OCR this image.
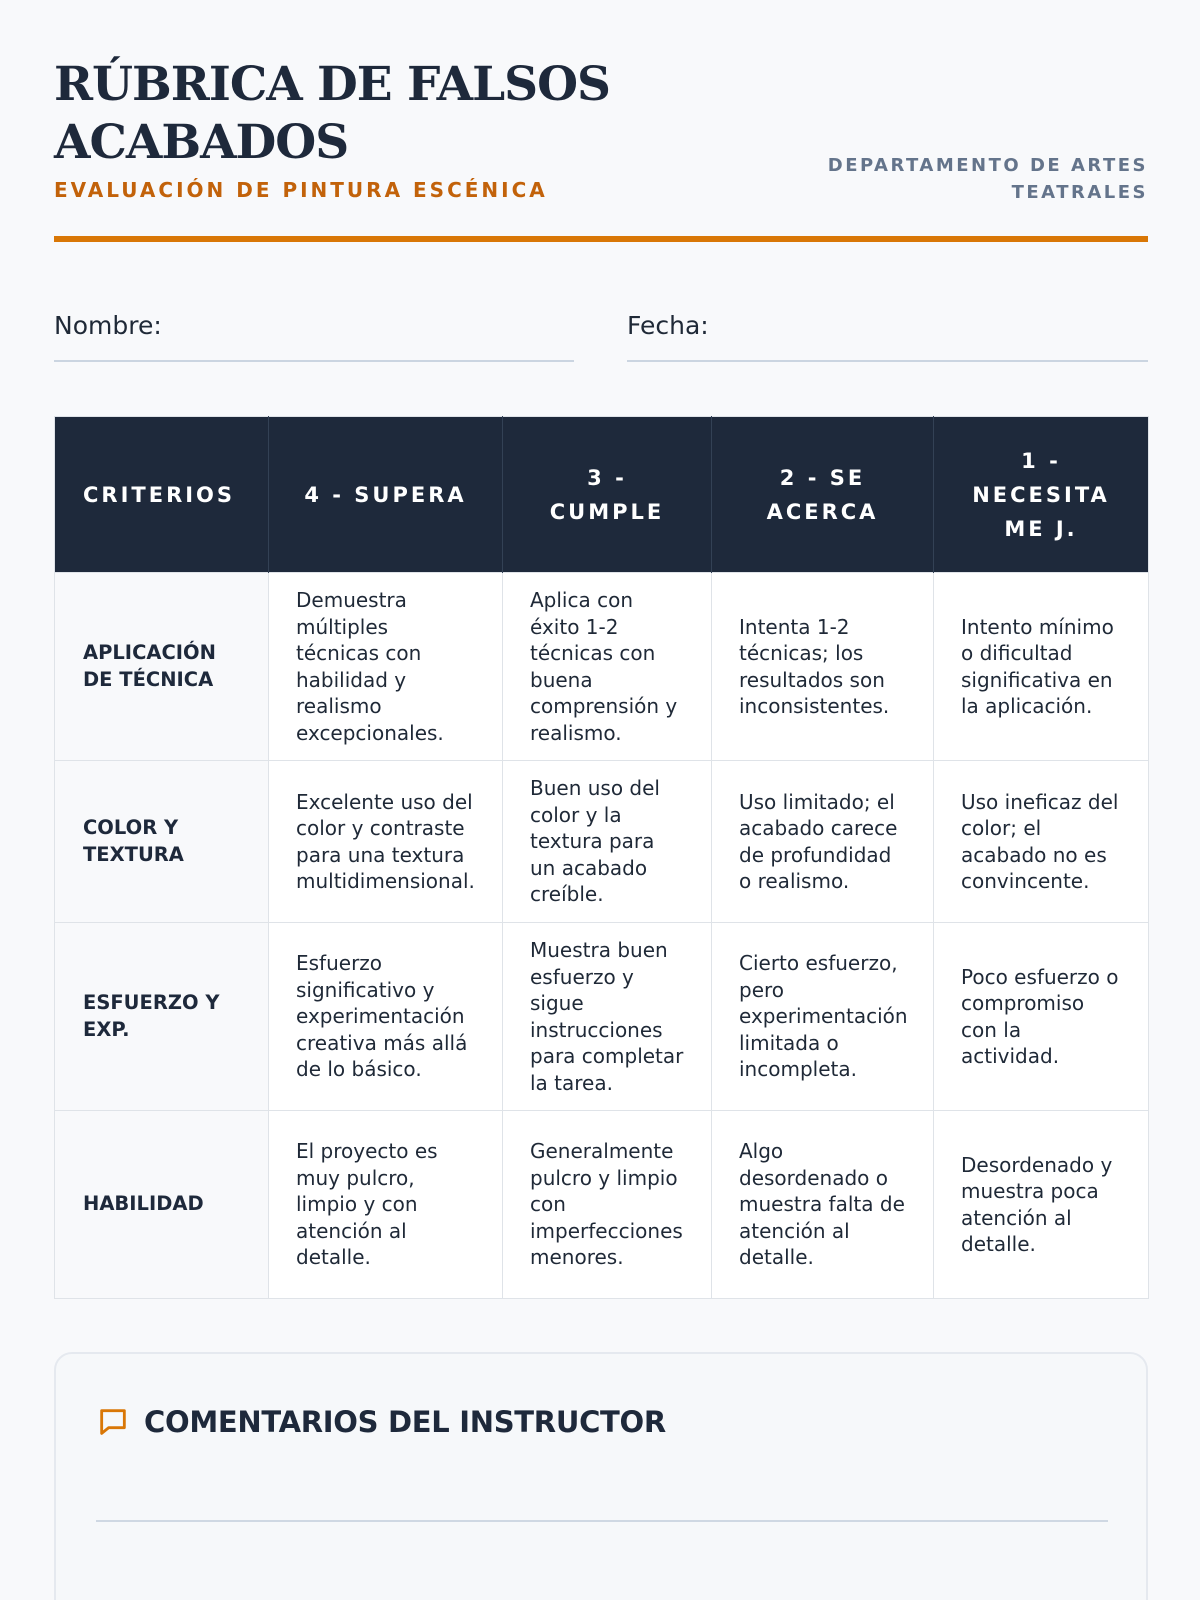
RÚBRICA DE FALSOS ACABADOS
EVALUACIÓN DE PINTURA ESCÉNICA
DEPARTAMENTO DE ARTES TEATRALES
Nombre:	Fecha:
CRITERIOS	4 - SUPERA	3 - CUMPLE	2 - SE ACERCA	1 - NECESITA ME J.
APLICACIÓN DE TÉCNICA	Demuestra múltiples técnicas con habilidad y realismo excepcionales.	Aplica con éxito 1-2 técnicas con buena comprensión y realismo.	Intenta 1-2 técnicas; los resultados son inconsistentes.	Intento mínimo o dificultad significativa en la aplicación.
COLOR Y TEXTURA	Excelente uso del color y contraste para una textura multidimensional.	Buen uso del color y la textura para un acabado creíble.	Uso limitado; el acabado carece de profundidad o realismo.	Uso ineficaz del color; el acabado no es convincente.
ESFUERZO Y EXP.	Esfuerzo significativo y experimentación creativa más allá de lo básico.	Muestra buen esfuerzo y sigue instrucciones para completar la tarea.	Cierto esfuerzo, pero experimentación limitada o incompleta.	Poco esfuerzo o compromiso con la actividad.
HABILIDAD	El proyecto es muy pulcro, limpio y con atención al detalle.	Generalmente pulcro y limpio con imperfecciones menores.	Algo desordenado o muestra falta de atención al detalle.	Desordenado y muestra poca atención al detalle.
COMENTARIOS DEL INSTRUCTOR
